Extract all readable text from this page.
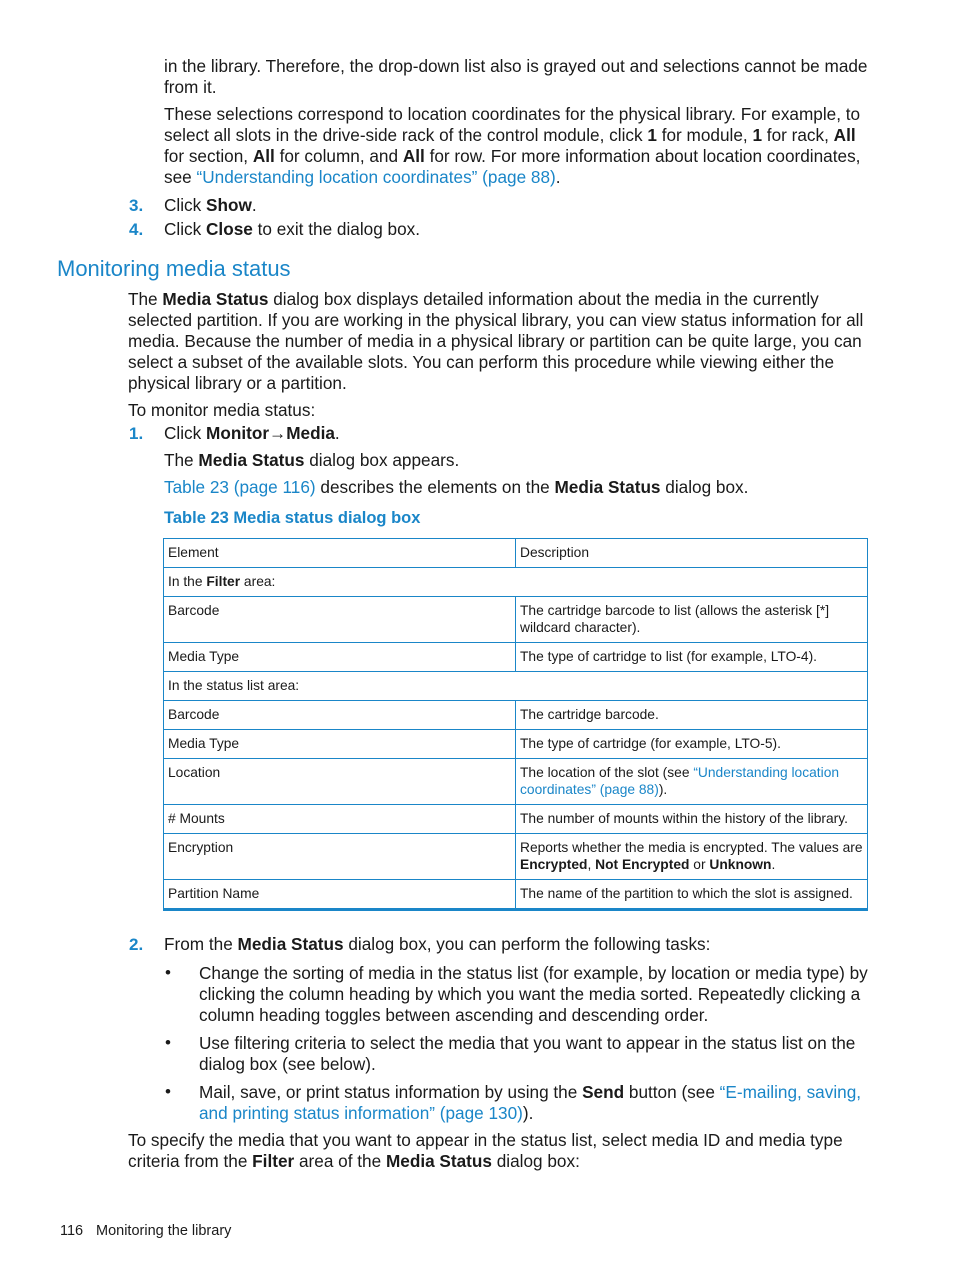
in the library. Therefore, the drop-down list also is grayed out and selections cannot be made from it.

These selections correspond to location coordinates for the physical library. For example, to select all slots in the drive-side rack of the control module, click 1 for module, 1 for rack, All for section, All for column, and All for row. For more information about location coordinates, see “Understanding location coordinates” (page 88).

3. Click Show.
4. Click Close to exit the dialog box.
Monitoring media status

The Media Status dialog box displays detailed information about the media in the currently selected partition. If you are working in the physical library, you can view status information for all media. Because the number of media in a physical library or partition can be quite large, you can select a subset of the available slots. You can perform this procedure while viewing either the physical library or a partition.

To monitor media status:

1. Click Monitor→Media.
The Media Status dialog box appears.
Table 23 (page 116) describes the elements on the Media Status dialog box.
Table 23 Media status dialog box
Element	Description
In the Filter area:	
Barcode	The cartridge barcode to list (allows the asterisk [*] wildcard character).
Media Type	The type of cartridge to list (for example, LTO-4).
In the status list area:	
Barcode	The cartridge barcode.
Media Type	The type of cartridge (for example, LTO-5).
Location	The location of the slot (see “Understanding location coordinates” (page 88)).
# Mounts	The number of mounts within the history of the library.
Encryption	Reports whether the media is encrypted. The values are Encrypted, Not Encrypted or Unknown.
Partition Name	The name of the partition to which the slot is assigned.
2. From the Media Status dialog box, you can perform the following tasks:
• Change the sorting of media in the status list (for example, by location or media type) by clicking the column heading by which you want the media sorted. Repeatedly clicking a column heading toggles between ascending and descending order.

• Use filtering criteria to select the media that you want to appear in the status list on the dialog box (see below).

• Mail, save, or print status information by using the Send button (see “E-mailing, saving, and printing status information” (page 130)).

To specify the media that you want to appear in the status list, select media ID and media type criteria from the Filter area of the Media Status dialog box:

116 Monitoring the library
